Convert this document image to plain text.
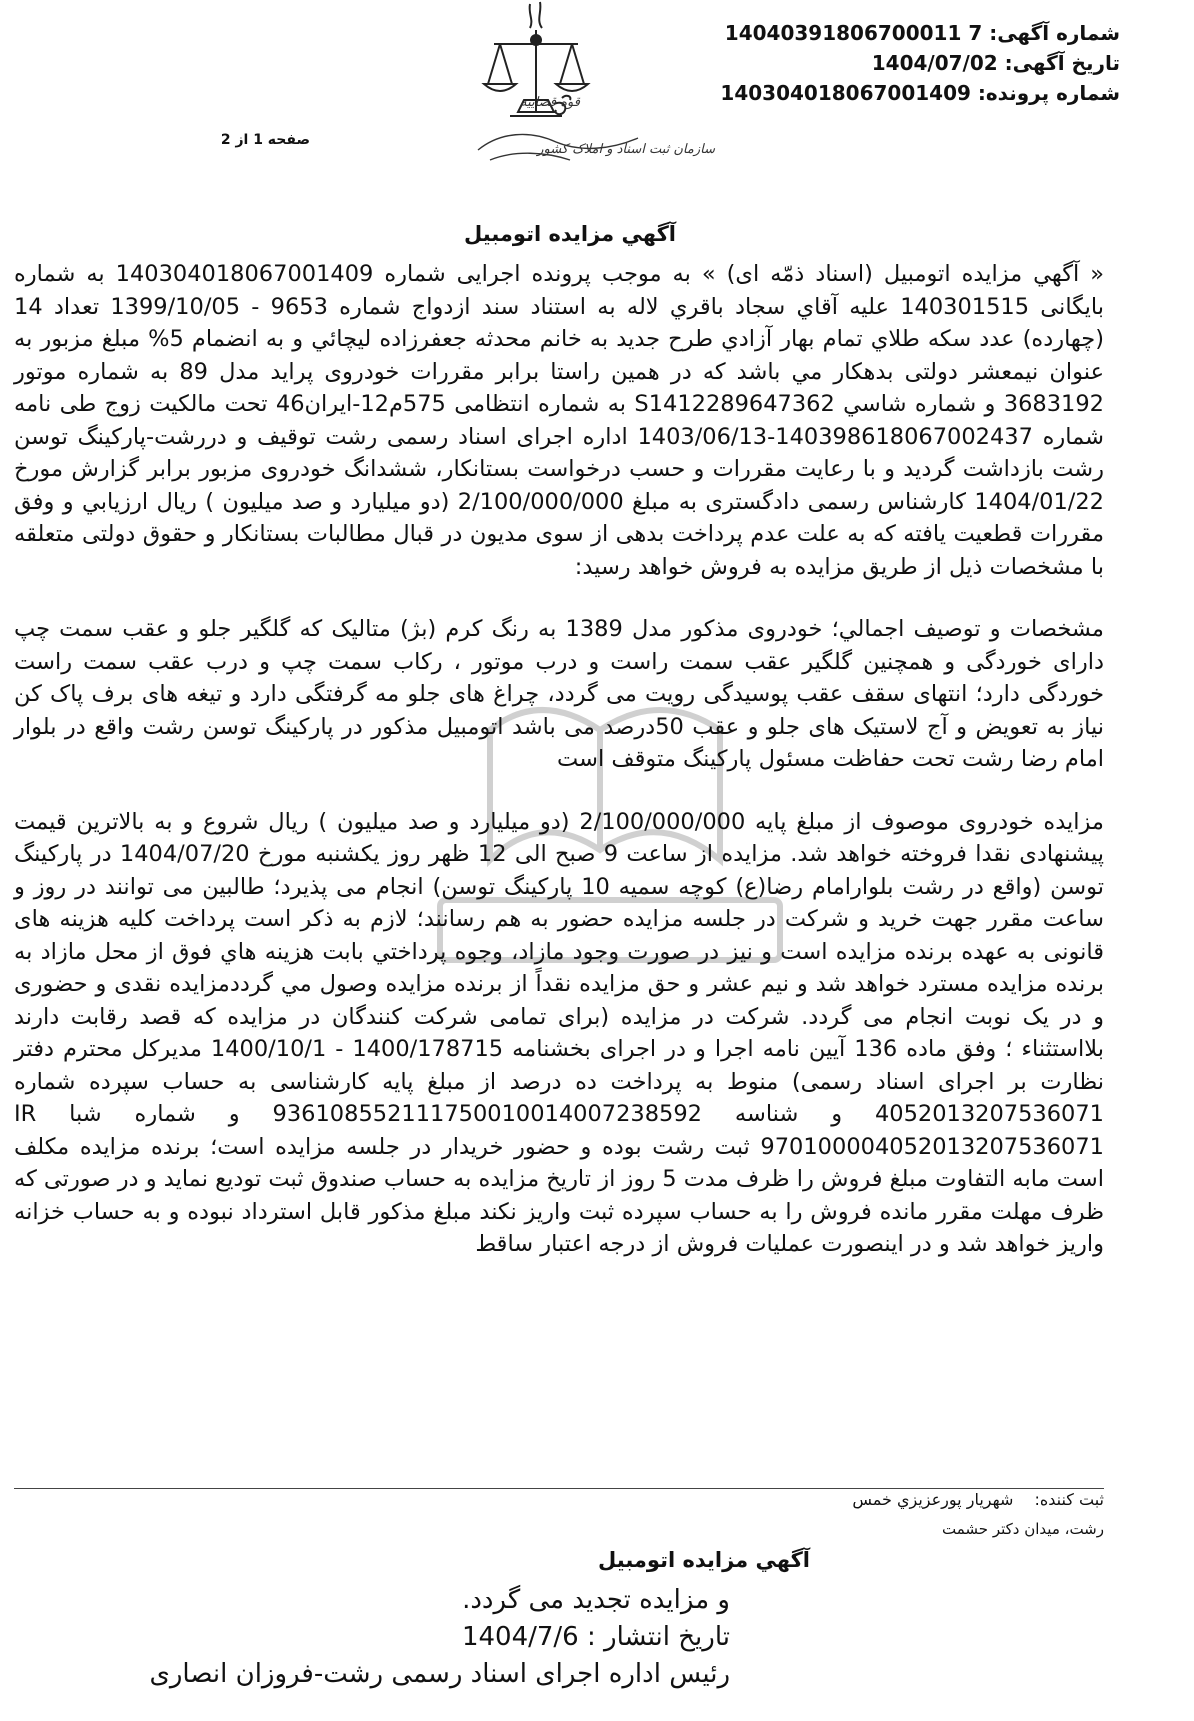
قوه قضاییه
سازمان ثبت اسناد و املاک کشور
شماره آگهی: 14040391806700011 7
تاریخ آگهی: 1404/07/02
شماره پرونده: 140304018067001409
صفحه 1 از 2
آگهي مزايده اتومبيل

« آگهي مزايده اتومبيل (اسناد ذمّه ای) » به موجب پرونده اجرایی شماره 140304018067001409 به شماره بایگانی 140301515 علیه آقاي سجاد باقري لاله به استناد سند ازدواج شماره 9653 - 1399/10/05 تعداد 14 (چهارده) عدد سكه طلاي تمام بهار آزادي طرح جديد به خانم محدثه جعفرزاده ليچائي و به انضمام 5% مبلغ مزبور به عنوان نيمعشر دولتی بدهكار مي باشد که در همین راستا برابر مقررات خودروی پراید مدل 89 به شماره موتور 3683192 و شماره شاسي S1412289647362 به شماره انتظامی 575م12-ایران46 تحت مالکیت زوج طی نامه شماره 140398618067002437-1403/06/13 اداره اجرای اسناد رسمی رشت توقیف و دررشت-پارکینگ توسن رشت بازداشت گردید و با رعایت مقررات و حسب درخواست بستانکار، ششدانگ خودروی مزبور برابر گزارش مورخ 1404/01/22 کارشناس رسمی دادگستری به مبلغ 2/100/000/000 (دو میلیارد و صد میلیون ) ریال ارزيابي و وفق مقررات قطعیت یافته که به علت عدم پرداخت بدهی از سوی مدیون در قبال مطالبات بستانکار و حقوق دولتی متعلقه با مشخصات ذیل از طریق مزایده به فروش خواهد رسید:

مشخصات و توصیف اجمالي؛ خودروی مذکور مدل 1389 به رنگ کرم (بژ) متالیک که گلگیر جلو و عقب سمت چپ دارای خوردگی و همچنین گلگیر عقب سمت راست و درب موتور ، رکاب سمت چپ و درب عقب سمت راست خوردگی دارد؛ انتهای سقف عقب پوسیدگی رویت می گردد، چراغ های جلو مه گرفتگی دارد و تیغه های برف پاک کن نیاز به تعویض و آج لاستیک های جلو و عقب 50درصد می باشد اتومبیل مذکور در پارکینگ توسن رشت واقع در بلوار امام رضا رشت تحت حفاظت مسئول پارکینگ متوقف است

مزایده خودروی موصوف از مبلغ پایه 2/100/000/000 (دو میلیارد و صد میلیون ) ریال شروع و به بالاترین قیمت پیشنهادی نقدا فروخته خواهد شد. مزایده از ساعت 9 صبح الی 12 ظهر روز یکشنبه مورخ 1404/07/20 در پارکینگ توسن (واقع در رشت بلوارامام رضا(ع) کوچه سمیه 10 پارکینگ توسن) انجام می پذیرد؛ طالبین می توانند در روز و ساعت مقرر جهت خرید و شرکت در جلسه مزایده حضور به هم رسانند؛ لازم به ذکر است پرداخت کلیه هزینه های قانونی به عهده برنده مزایده است و نیز در صورت وجود مازاد، وجوه پرداختي بابت هزينه هاي فوق از محل مازاد به برنده مزايده مسترد خواهد شد و نیم عشر و حق مزایده نقداً از برنده مزایده وصول مي گرددمزایده نقدی و حضوری و در یک نوبت انجام می گردد. شرکت در مزایده (برای تمامی شرکت کنندگان در مزایده که قصد رقابت دارند بلااستثناء ؛ وفق ماده 136 آیین نامه اجرا و در اجرای بخشنامه 1400/178715 - 1400/10/1 مدیرکل محترم دفتر نظارت بر اجرای اسناد رسمی) منوط به پرداخت ده درصد از مبلغ پایه کارشناسی به حساب سپرده شماره 4052013207536071 و شناسه 936108552111750010014007238592 و شماره شبا IR 970100004052013207536071 ثبت رشت بوده و حضور خریدار در جلسه مزایده است؛ برنده مزایده مکلف است مابه التفاوت مبلغ فروش را ظرف مدت 5 روز از تاریخ مزایده به حساب صندوق ثبت تودیع نماید و در صورتی که ظرف مهلت مقرر مانده فروش را به حساب سپرده ثبت واریز نکند مبلغ مذکور قابل استرداد نبوده و به حساب خزانه واریز خواهد شد و در اینصورت عملیات فروش از درجه اعتبار ساقط

ثبت کننده: شهريار پورعزيزي خمس
رشت، میدان دکتر حشمت
آگهي مزايده اتومبيل
و مزایده تجدید می گردد.
تاریخ انتشار : 1404/7/6
رئیس اداره اجرای اسناد رسمی رشت-فروزان انصاری
